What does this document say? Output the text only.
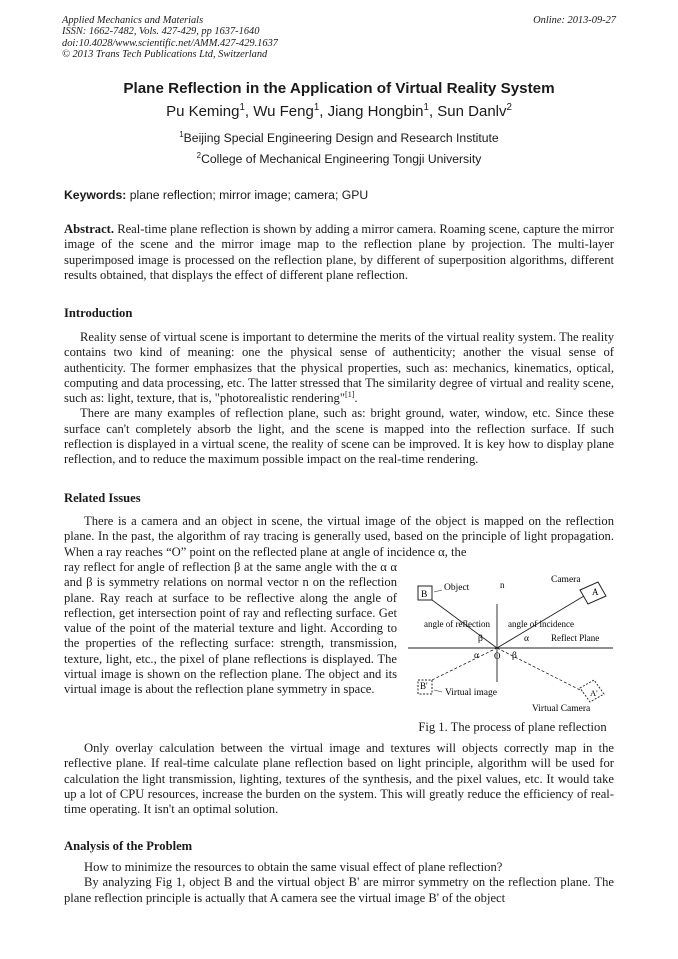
Applied Mechanics and Materials
ISSN: 1662-7482, Vols. 427-429, pp 1637-1640
doi:10.4028/www.scientific.net/AMM.427-429.1637
© 2013 Trans Tech Publications Ltd, Switzerland
Online: 2013-09-27
Plane Reflection in the Application of Virtual Reality System
Pu Keming$^1$, Wu Feng$^1$, Jiang Hongbin$^1$, Sun Danlv$^2$
$^1$Beijing Special Engineering Design and Research Institute
$^2$College of Mechanical Engineering Tongji University
Keywords: plane reflection; mirror image; camera; GPU

Abstract. Real-time plane reflection is shown by adding a mirror camera. Roaming scene, capture the mirror image of the scene and the mirror image map to the reflection plane by projection. The multi-layer superimposed image is processed on the reflection plane, by different of superposition algorithms, different results obtained, that displays the effect of different plane reflection.

Introduction

Reality sense of virtual scene is important to determine the merits of the virtual reality system. The reality contains two kind of meaning: one the physical sense of authenticity; another the visual sense of authenticity. The former emphasizes that the physical properties, such as: mechanics, kinematics, optical, computing and data processing, etc. The latter stressed that The similarity degree of virtual and reality scene, such as: light, texture, that is, "photorealistic rendering"[1].

There are many examples of reflection plane, such as: bright ground, water, window, etc. Since these surface can't completely absorb the light, and the scene is mapped into the reflection surface. If such reflection is displayed in a virtual scene, the reality of scene can be improved. It is key how to display plane reflection, and to reduce the maximum possible impact on the real-time rendering.

Related Issues

There is a camera and an object in scene, the virtual image of the object is mapped on the reflection plane. In the past, the algorithm of ray tracing is generally used, based on the principle of light propagation. When a ray reaches “O” point on the reflected plane at angle of incidence α, the

ray reflect for angle of reflection β at the same angle with the α α and β is symmetry relations on normal vector n on the reflection plane. Ray reach at surface to be reflective along the angle of reflection, get intersection point of ray and reflecting surface. Get value of the point of the material texture and light. According to the properties of the reflecting surface: strength, transmission, texture, light, etc., the pixel of plane reflections is displayed. The virtual image is shown on the reflection plane. The object and its virtual image is about the reflection plane symmetry in space.

B
Object
Camera
A
n
angle of reflection angle of incidence
Reflect Plane
O
α
β
α	β
B'
Virtual image	A'
Virtual Camera
Fig 1. The process of plane reflection

Only overlay calculation between the virtual image and textures will objects correctly map in the reflective plane. If real-time calculate plane reflection based on light principle, algorithm will be used for calculation the light transmission, lighting, textures of the synthesis, and the pixel values, etc. It would take up a lot of CPU resources, increase the burden on the system. This will greatly reduce the efficiency of real-time operating. It isn't an optimal solution.

Analysis of the Problem

How to minimize the resources to obtain the same visual effect of plane reflection?

By analyzing Fig 1, object B and the virtual object B' are mirror symmetry on the reflection plane. The plane reflection principle is actually that A camera see the virtual image B' of the object
